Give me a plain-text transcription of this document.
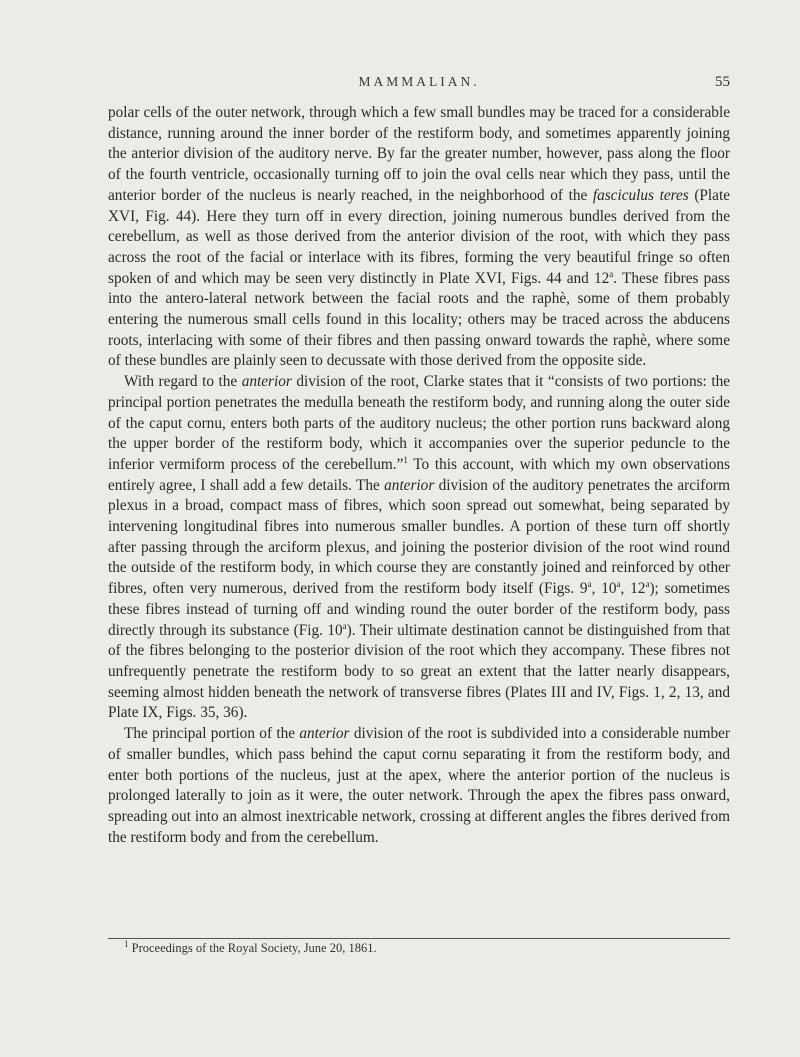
MAMMALIAN.	55

polar cells of the outer network, through which a few small bundles may be traced for a considerable distance, running around the inner border of the restiform body, and sometimes apparently joining the anterior division of the auditory nerve. By far the greater number, however, pass along the floor of the fourth ventricle, occasionally turning off to join the oval cells near which they pass, until the anterior border of the nucleus is nearly reached, in the neighborhood of the fasciculus teres (Plate XVI, Fig. 44). Here they turn off in every direction, joining numerous bundles derived from the cerebellum, as well as those derived from the anterior division of the root, with which they pass across the root of the facial or interlace with its fibres, forming the very beautiful fringe so often spoken of and which may be seen very distinctly in Plate XVI, Figs. 44 and 12$^a$. These fibres pass into the antero-lateral network between the facial roots and the raphè, some of them probably entering the numerous small cells found in this locality; others may be traced across the abducens roots, interlacing with some of their fibres and then passing onward towards the raphè, where some of these bundles are plainly seen to decussate with those derived from the opposite side.

With regard to the anterior division of the root, Clarke states that it “consists of two portions: the principal portion penetrates the medulla beneath the restiform body, and running along the outer side of the caput cornu, enters both parts of the auditory nucleus; the other portion runs backward along the upper border of the restiform body, which it accompanies over the superior peduncle to the inferior vermiform process of the cerebellum.”$^1$ To this account, with which my own observations entirely agree, I shall add a few details. The anterior division of the auditory penetrates the arciform plexus in a broad, compact mass of fibres, which soon spread out somewhat, being separated by intervening longitudinal fibres into numerous smaller bundles. A portion of these turn off shortly after passing through the arciform plexus, and joining the posterior division of the root wind round the outside of the restiform body, in which course they are constantly joined and reinforced by other fibres, often very numerous, derived from the restiform body itself (Figs. 9$^a$, 10$^a$, 12$^a$); sometimes these fibres instead of turning off and winding round the outer border of the restiform body, pass directly through its substance (Fig. 10$^a$). Their ultimate destination cannot be distinguished from that of the fibres belonging to the posterior division of the root which they accompany. These fibres not unfrequently penetrate the restiform body to so great an extent that the latter nearly disappears, seeming almost hidden beneath the network of transverse fibres (Plates III and IV, Figs. 1, 2, 13, and Plate IX, Figs. 35, 36).

The principal portion of the anterior division of the root is subdivided into a considerable number of smaller bundles, which pass behind the caput cornu separating it from the restiform body, and enter both portions of the nucleus, just at the apex, where the anterior portion of the nucleus is prolonged laterally to join as it were, the outer network. Through the apex the fibres pass onward, spreading out into an almost inextricable network, crossing at different angles the fibres derived from the restiform body and from the cerebellum.

$^1$ Proceedings of the Royal Society, June 20, 1861.
